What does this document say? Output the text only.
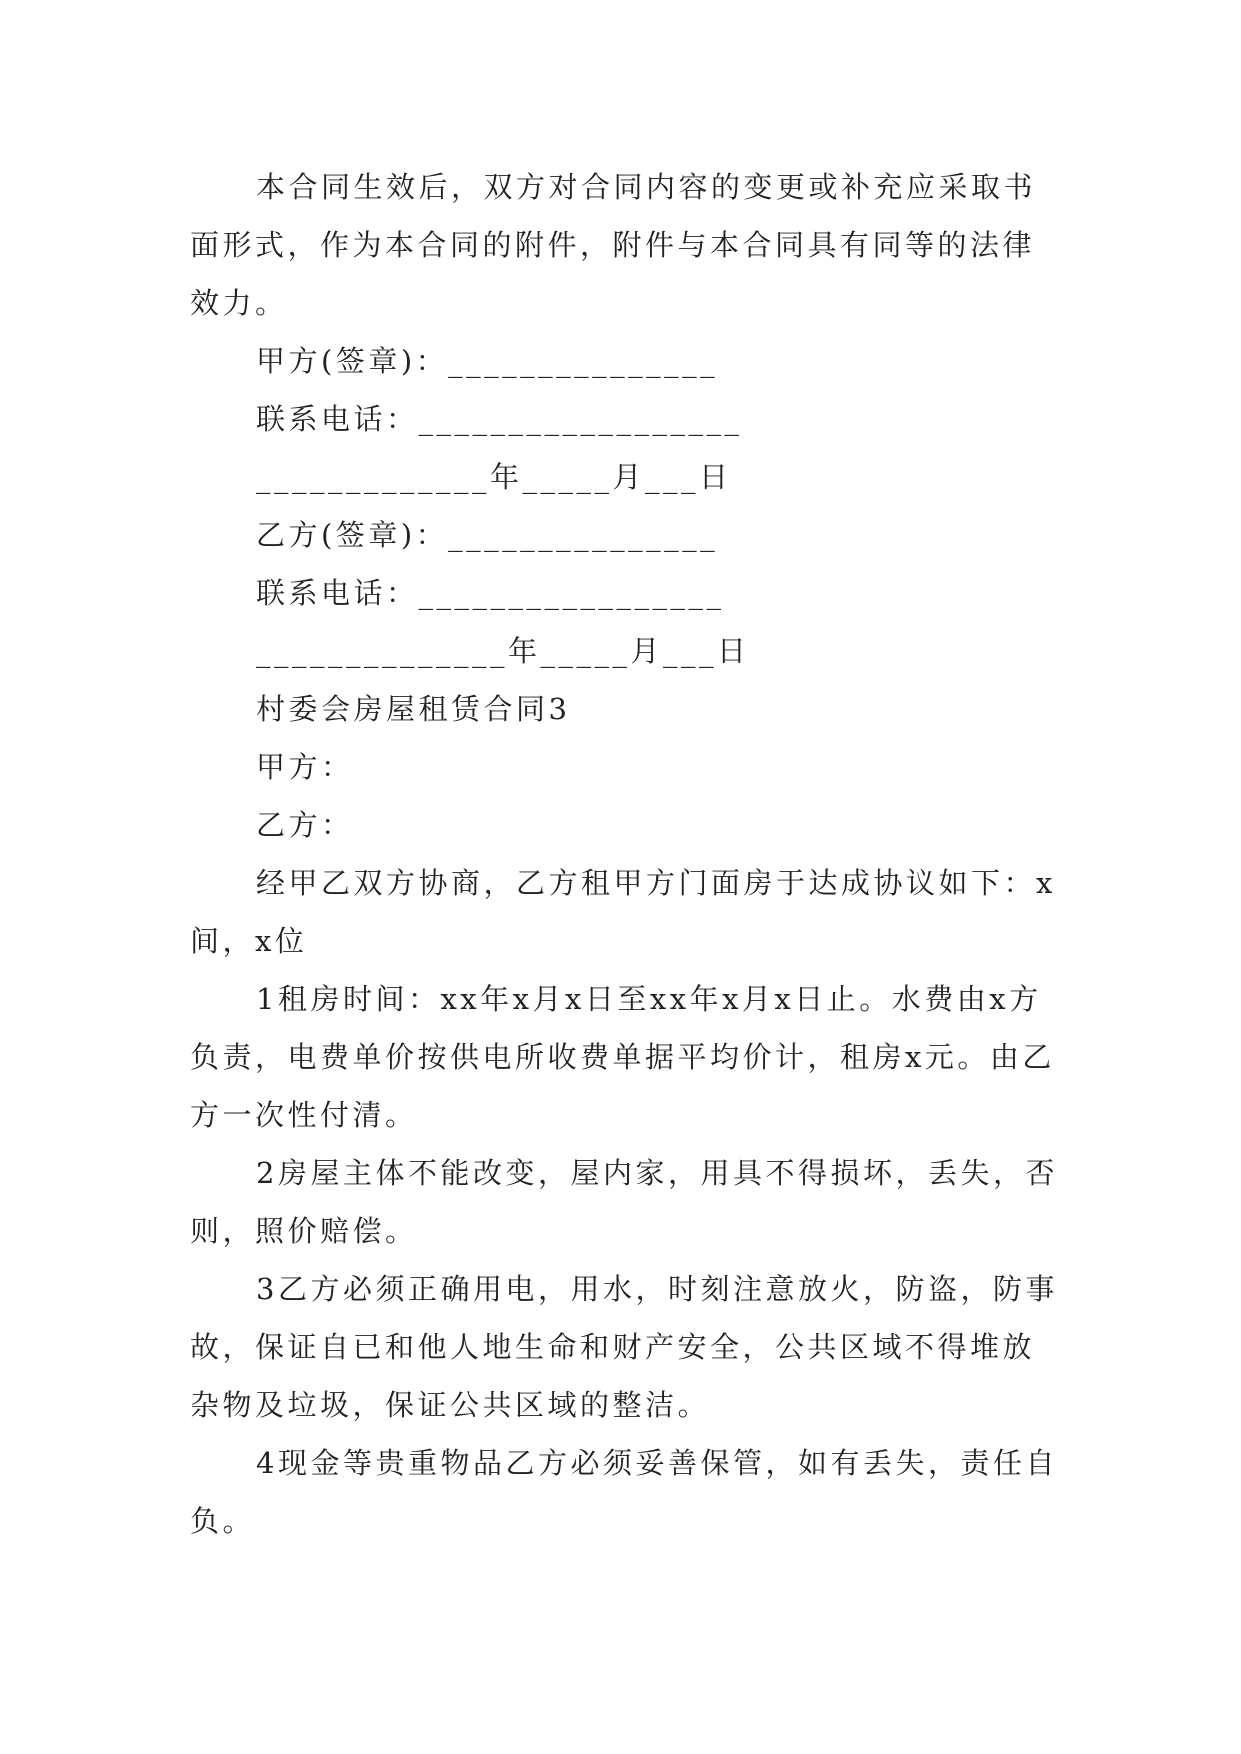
本合同生效后，双方对合同内容的变更或补充应采取书面形式，作为本合同的附件，附件与本合同具有同等的法律效力。

甲方(签章)：_______________

联系电话：__________________

_____________年_____月___日

乙方(签章)：_______________

联系电话：_________________

______________年_____月___日

村委会房屋租赁合同3

甲方：

乙方：

经甲乙双方协商，乙方租甲方门面房于达成协议如下：x间，x位

1租房时间：xx年x月x日至xx年x月x日止。水费由x方负责，电费单价按供电所收费单据平均价计，租房x元。由乙方一次性付清。

2房屋主体不能改变，屋内家，用具不得损坏，丢失，否则，照价赔偿。

3乙方必须正确用电，用水，时刻注意放火，防盗，防事故，保证自已和他人地生命和财产安全，公共区域不得堆放杂物及垃圾，保证公共区域的整洁。

4现金等贵重物品乙方必须妥善保管，如有丢失，责任自负。
